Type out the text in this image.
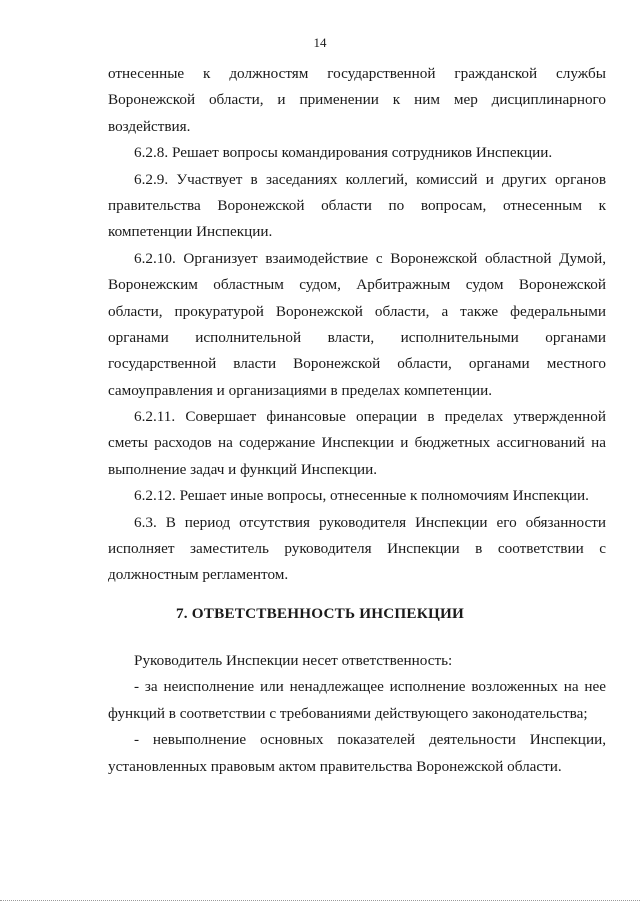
14
отнесенные к должностям государственной гражданской службы
Воронежской области, и применении к ним мер дисциплинарного
воздействия.
6.2.8. Решает вопросы командирования сотрудников Инспекции.
6.2.9. Участвует в заседаниях коллегий, комиссий и других органов
правительства Воронежской области по вопросам, отнесенным к
компетенции Инспекции.
6.2.10. Организует взаимодействие с Воронежской областной Думой,
Воронежским областным судом, Арбитражным судом Воронежской
области, прокуратурой Воронежской области, а также федеральными
органами исполнительной власти, исполнительными органами
государственной власти Воронежской области, органами местного
самоуправления и организациями в пределах компетенции.
6.2.11. Совершает финансовые операции в пределах утвержденной
сметы расходов на содержание Инспекции и бюджетных ассигнований на
выполнение задач и функций Инспекции.
6.2.12. Решает иные вопросы, отнесенные к полномочиям Инспекции.
6.3. В период отсутствия руководителя Инспекции его обязанности
исполняет заместитель руководителя Инспекции в соответствии с
должностным регламентом.
7. ОТВЕТСТВЕННОСТЬ ИНСПЕКЦИИ
Руководитель Инспекции несет ответственность:
- за неисполнение или ненадлежащее исполнение возложенных на нее
функций в соответствии с требованиями действующего законодательства;
- невыполнение основных показателей деятельности Инспекции,
установленных правовым актом правительства Воронежской области.
